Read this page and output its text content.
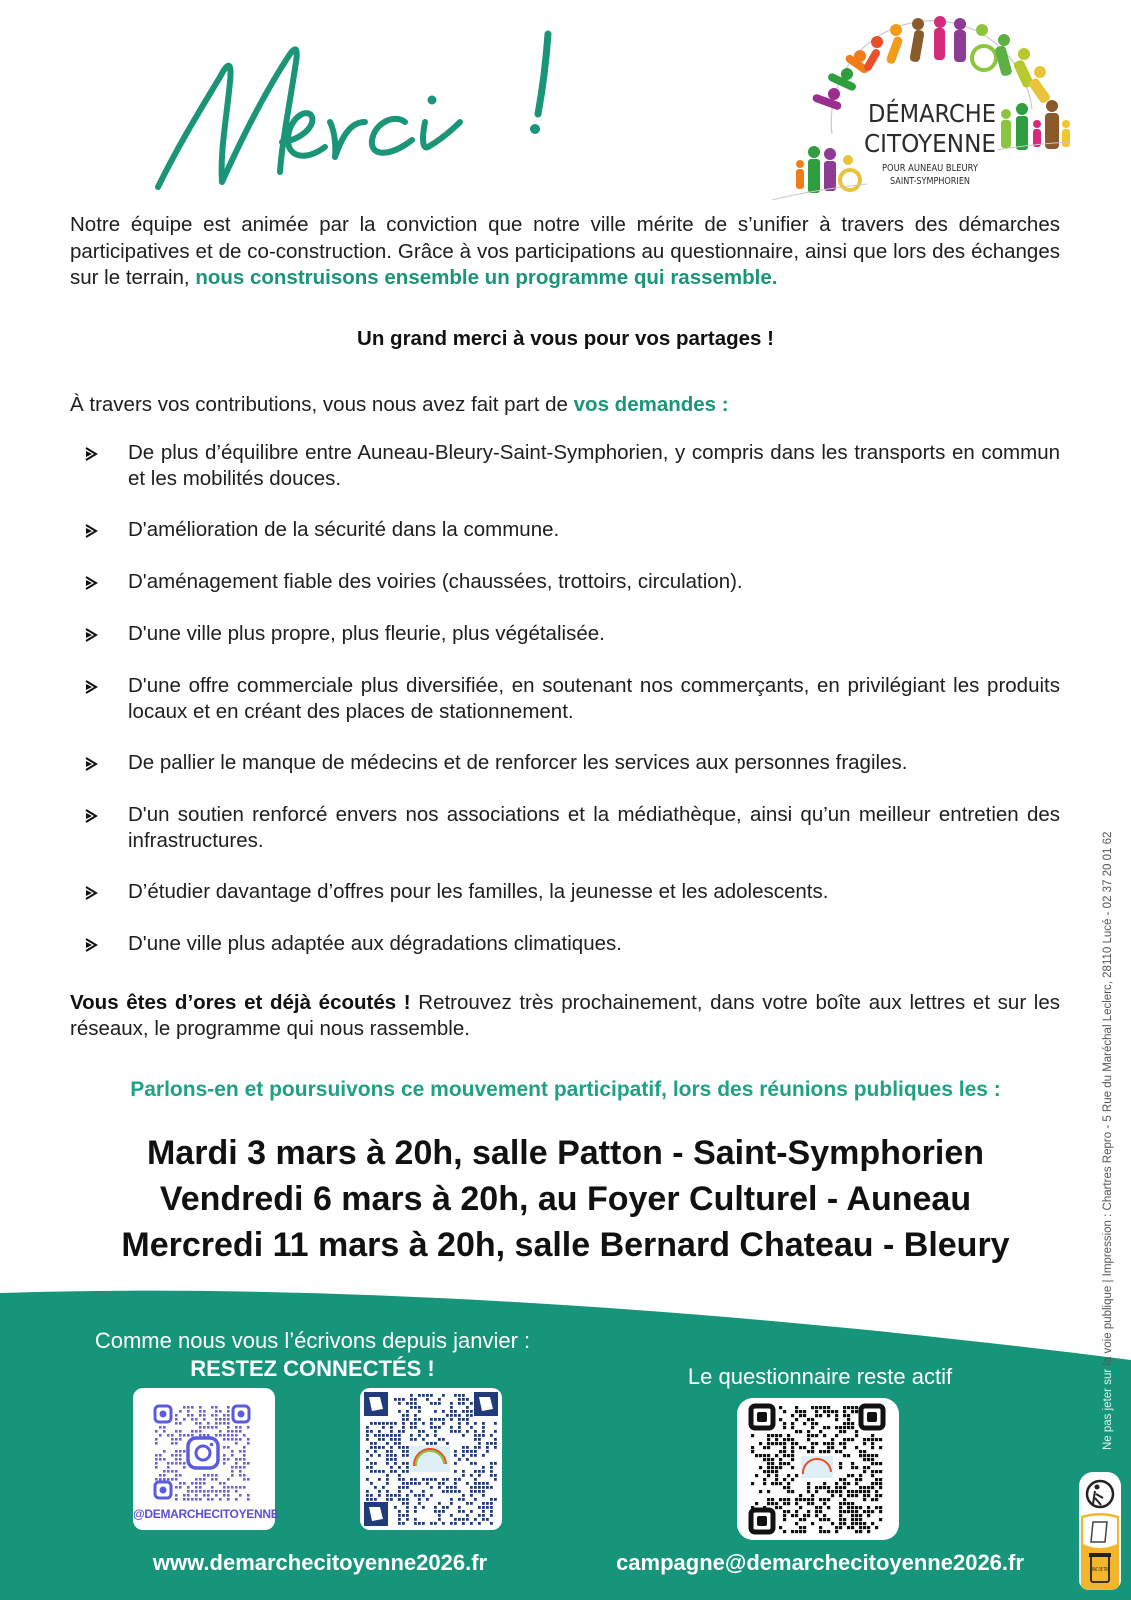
DÉMARCHE
CITOYENNE
POUR AUNEAU BLEURY
SAINT-SYMPHORIEN

Notre équipe est animée par la conviction que notre ville mérite de s’unifier à travers des démarches participatives et de co-construction. Grâce à vos participations au questionnaire, ainsi que lors des échanges sur le terrain, nous construisons ensemble un programme qui rassemble.

Un grand merci à vous pour vos partages !

À travers vos contributions, vous nous avez fait part de vos demandes :

De plus d’équilibre entre Auneau-Bleury-Saint-Symphorien, y compris dans les transports en commun et les mobilités douces.
D'amélioration de la sécurité dans la commune.
D'aménagement fiable des voiries (chaussées, trottoirs, circulation).
D'une ville plus propre, plus fleurie, plus végétalisée.
D'une offre commerciale plus diversifiée, en soutenant nos commerçants, en privilégiant les produits locaux et en créant des places de stationnement.
De pallier le manque de médecins et de renforcer les services aux personnes fragiles.
D'un soutien renforcé envers nos associations et la médiathèque, ainsi qu’un meilleur entretien des infrastructures.
D’étudier davantage d’offres pour les familles, la jeunesse et les adolescents.
D'une ville plus adaptée aux dégradations climatiques.

Vous êtes d’ores et déjà écoutés ! Retrouvez très prochainement, dans votre boîte aux lettres et sur les réseaux, le programme qui nous rassemble.

Parlons-en et poursuivons ce mouvement participatif, lors des réunions publiques les :
Mardi 3 mars à 20h, salle Patton - Saint-Symphorien
Vendredi 6 mars à 20h, au Foyer Culturel - Auneau
Mercredi 11 mars à 20h, salle Bernard Chateau - Bleury
Comme nous vous l’écrivons depuis janvier :
RESTEZ CONNECTÉS !	Le questionnaire reste actif
@DEMARCHECITOYENNE
www.demarchecitoyenne2026.fr	campagne@demarchecitoyenne2026.fr
Ne pas jeter sur la voie publique | Impression : Chartres Repro - 5 Rue du Maréchal Leclerc, 28110 Lucé - 02 37 20 01 62
BAC DE TRI
